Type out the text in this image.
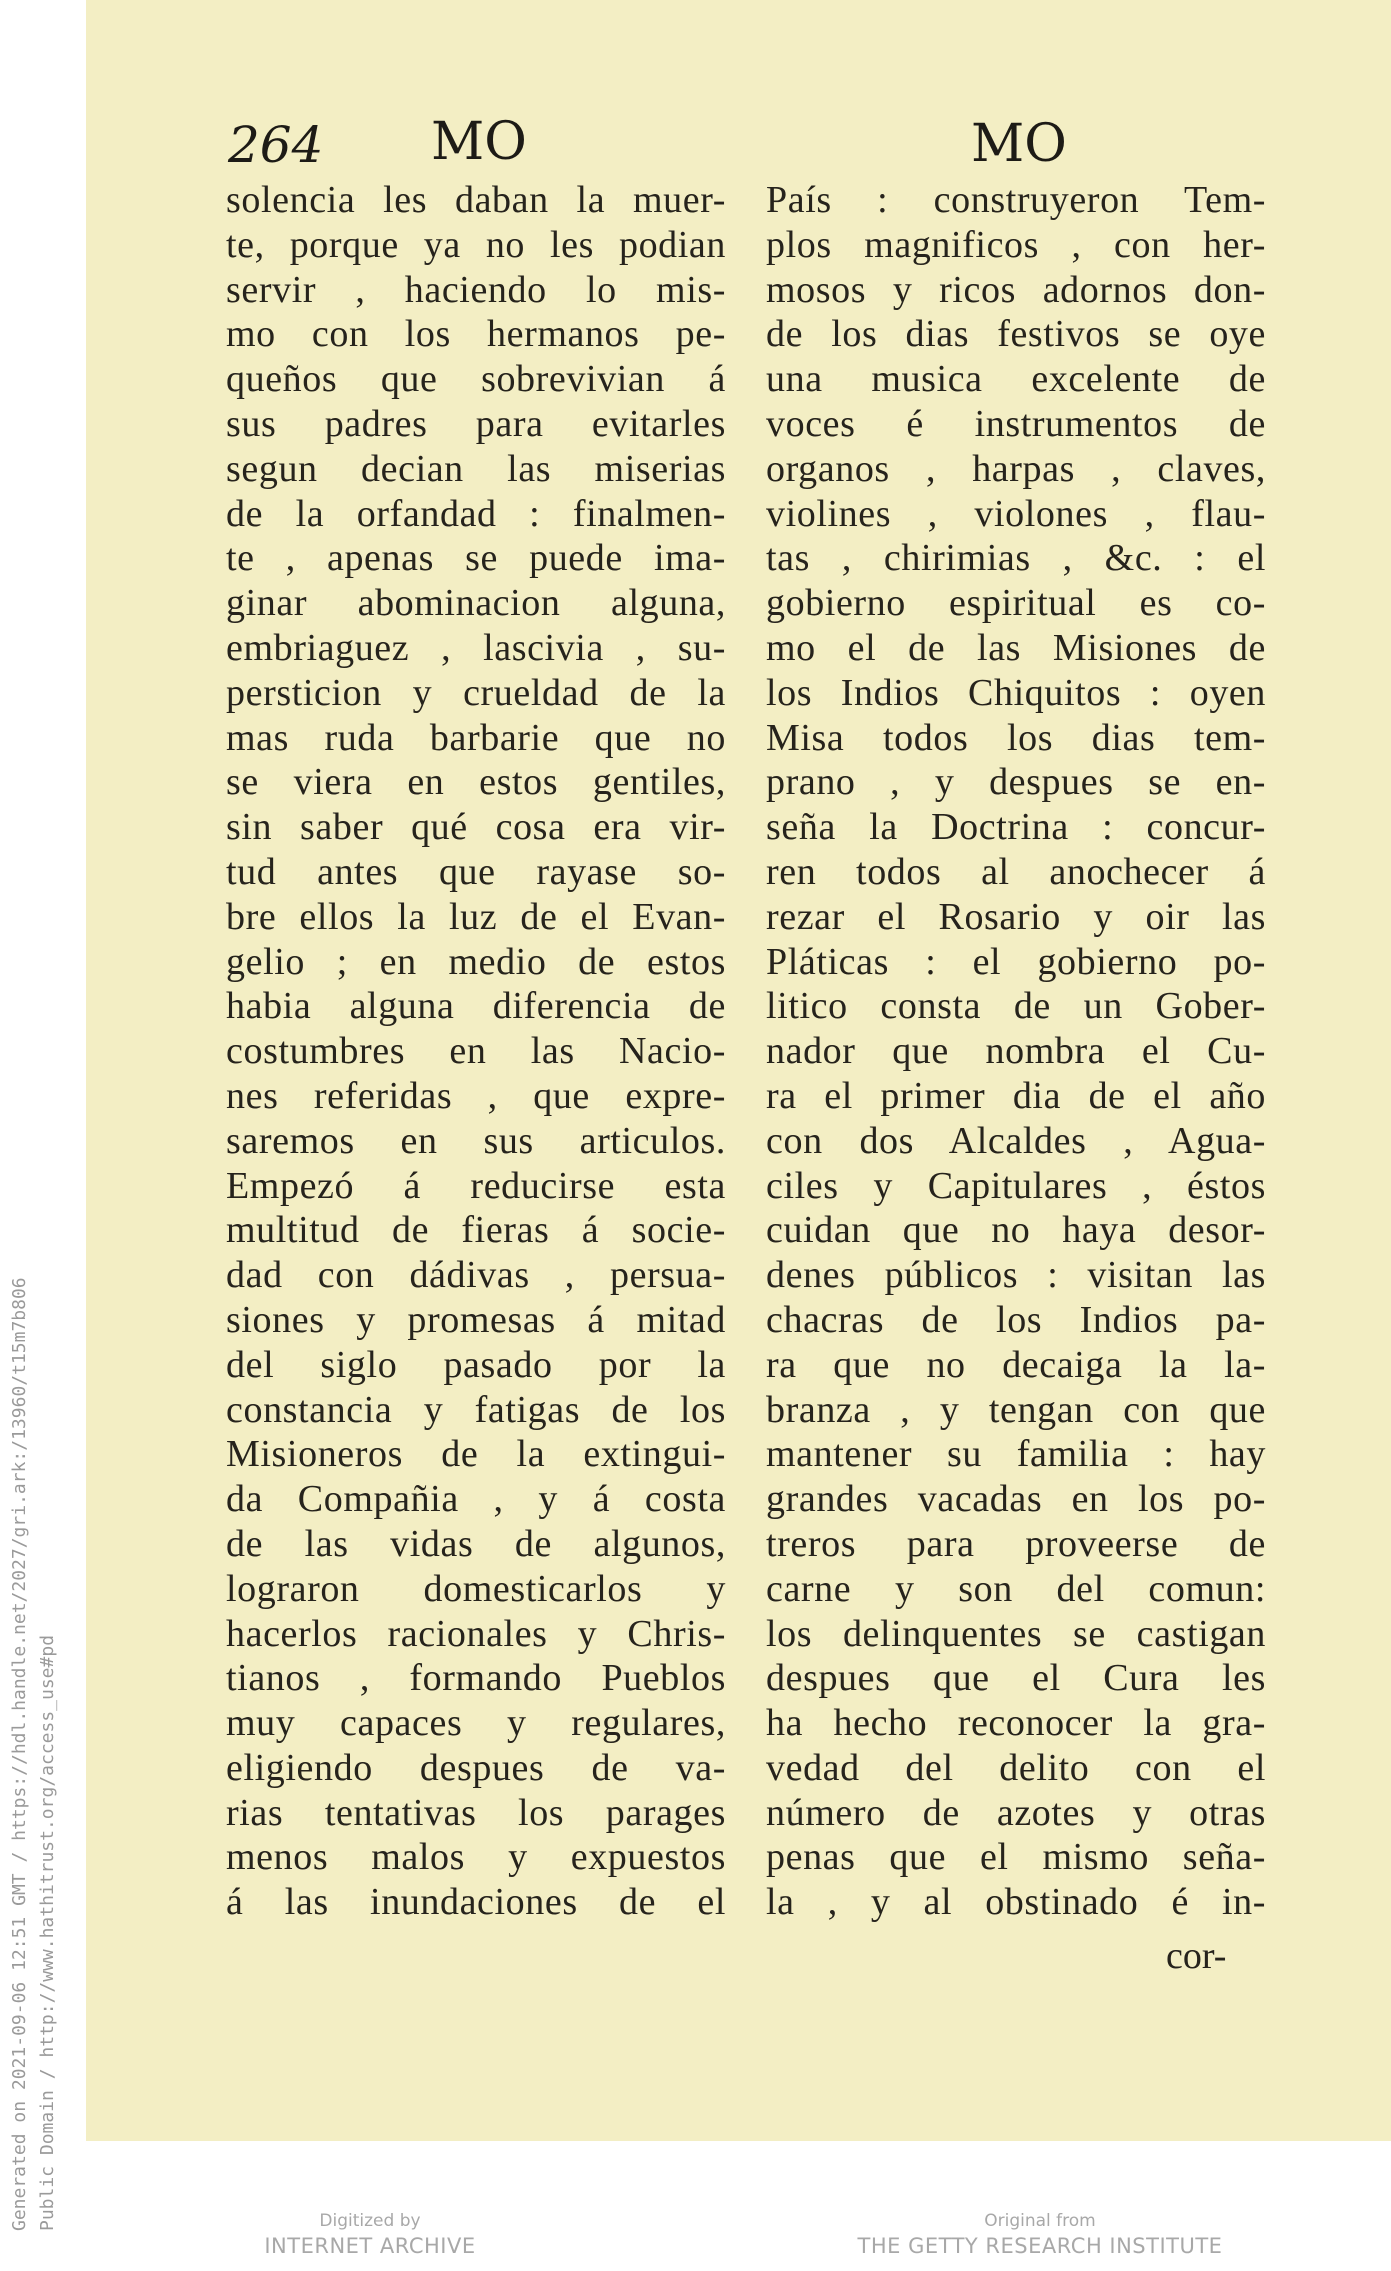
Generated on 2021-09-06 12:51 GMT / https://hdl.handle.net/2027/gri.ark:/13960/t15m7b806 Public Domain / http://www.hathitrust.org/access_use#pd
264 MO	MO
solencia les daban la muer-
te, porque ya no les podian
servir , haciendo lo mis-
mo con los hermanos pe-
queños que sobrevivian á
sus padres para evitarles
segun decian las miserias
de la orfandad : finalmen-
te , apenas se puede ima-
ginar abominacion alguna,
embriaguez , lascivia , su-
persticion y crueldad de la
mas ruda barbarie que no
se viera en estos gentiles,
sin saber qué cosa era vir-
tud antes que rayase so-
bre ellos la luz de el Evan-
gelio ; en medio de estos
habia alguna diferencia de
costumbres en las Nacio-
nes referidas , que expre-
saremos en sus articulos.
Empezó á reducirse esta
multitud de fieras á socie-
dad con dádivas , persua-
siones y promesas á mitad
del siglo pasado por la
constancia y fatigas de los
Misioneros de la extingui-
da Compañia , y á costa
de las vidas de algunos,
lograron domesticarlos y
hacerlos racionales y Chris-
tianos , formando Pueblos
muy capaces y regulares,
eligiendo despues de va-
rias tentativas los parages
menos malos y expuestos
á las inundaciones de el
País : construyeron Tem-
plos magnificos , con her-
mosos y ricos adornos don-
de los dias festivos se oye
una musica excelente de
voces é instrumentos de
organos , harpas , claves,
violines , violones , flau-
tas , chirimias , &c. : el
gobierno espiritual es co-
mo el de las Misiones de
los Indios Chiquitos : oyen
Misa todos los dias tem-
prano , y despues se en-
seña la Doctrina : concur-
ren todos al anochecer á
rezar el Rosario y oir las
Pláticas : el gobierno po-
litico consta de un Gober-
nador que nombra el Cu-
ra el primer dia de el año
con dos Alcaldes , Agua-
ciles y Capitulares , éstos
cuidan que no haya desor-
denes públicos : visitan las
chacras de los Indios pa-
ra que no decaiga la la-
branza , y tengan con que
mantener su familia : hay
grandes vacadas en los po-
treros para proveerse de
carne y son del comun:
los delinquentes se castigan
despues que el Cura les
ha hecho reconocer la gra-
vedad del delito con el
número de azotes y otras
penas que el mismo seña-
la , y al obstinado é in-
cor-
Digitized by
INTERNET ARCHIVE
Original from
THE GETTY RESEARCH INSTITUTE
